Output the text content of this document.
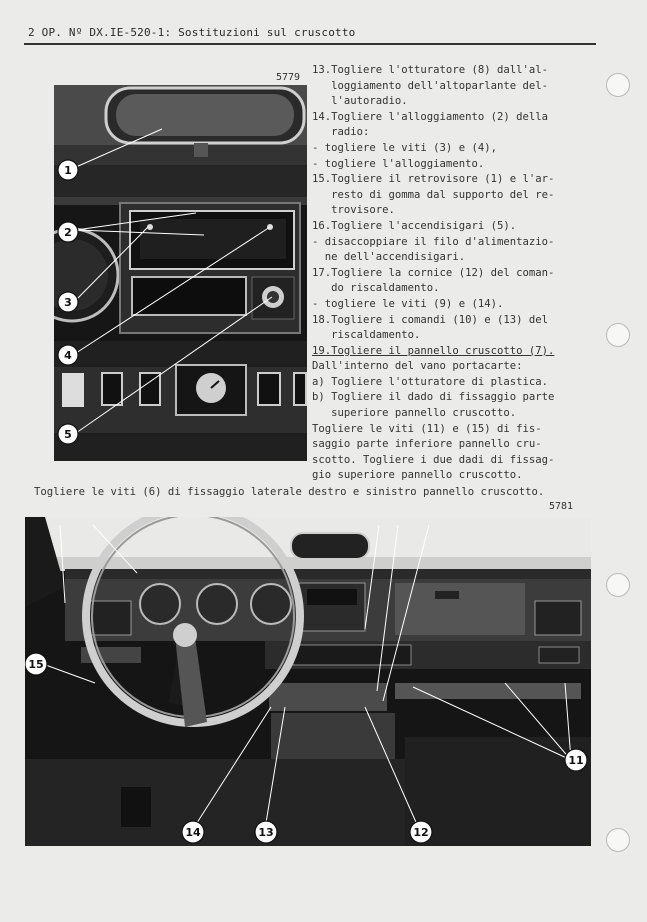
2 OP. Nº DX.IE-520-1: Sostituzioni sul cruscotto
5779
1
2
3
4
5
13.Togliere l'otturatore (8) dall'al-
loggiamento dell'altoparlante del-
l'autoradio.
14.Togliere l'alloggiamento (2) della
radio:
- togliere le viti (3) e (4),
- togliere l'alloggiamento.
15.Togliere il retrovisore (1) e l'ar-
resto di gomma dal supporto del re-
trovisore.
16.Togliere l'accendisigari (5).
- disaccoppiare il filo d'alimentazio-
ne dell'accendisigari.
17.Togliere la cornice (12) del coman-
do riscaldamento.
- togliere le viti (9) e (14).
18.Togliere i comandi (10) e (13) del
riscaldamento.
19.Togliere il pannello cruscotto (7).
Dall'interno del vano portacarte:
a) Togliere l'otturatore di plastica.
b) Togliere il dado di fissaggio parte
superiore pannello cruscotto.
Togliere le viti (11) e (15) di fis-
saggio parte inferiore pannello cru-
scotto. Togliere i due dadi di fissag-
gio superiore pannello cruscotto.
Togliere le viti (6) di fissaggio laterale destro e sinistro pannello cruscotto.
5781
15
11
14	13	12
